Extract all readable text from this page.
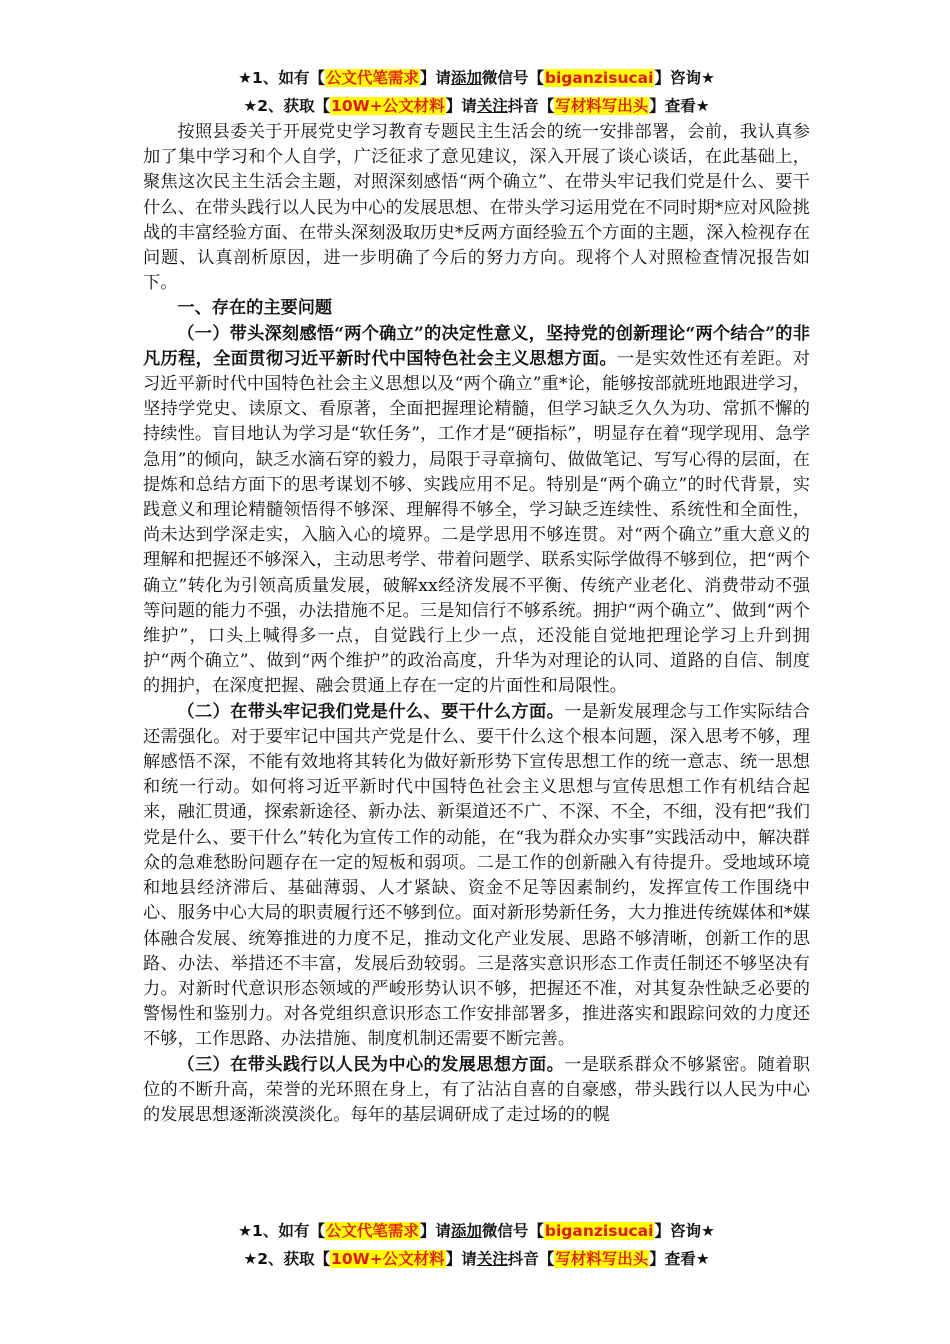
★1、如有【公文代笔需求】请添加微信号【biganzisucai】咨询★
★2、获取【10W+公文材料】请关注抖音【写材料写出头】查看★

按照县委关于开展党史学习教育专题民主生活会的统一安排部署，会前，我认真参加了集中学习和个人自学，广泛征求了意见建议，深入开展了谈心谈话，在此基础上，聚焦这次民主生活会主题，对照深刻感悟“两个确立”、在带头牢记我们党是什么、要干什么、在带头践行以人民为中心的发展思想、在带头学习运用党在不同时期*应对风险挑战的丰富经验方面、在带头深刻汲取历史*反两方面经验五个方面的主题，深入检视存在问题、认真剖析原因，进一步明确了今后的努力方向。现将个人对照检查情况报告如下。

一、存在的主要问题

（一）带头深刻感悟“两个确立”的决定性意义，坚持党的创新理论“两个结合”的非凡历程，全面贯彻习近平新时代中国特色社会主义思想方面。一是实效性还有差距。对习近平新时代中国特色社会主义思想以及“两个确立”重*论，能够按部就班地跟进学习，坚持学党史、读原文、看原著，全面把握理论精髓，但学习缺乏久久为功、常抓不懈的持续性。盲目地认为学习是“软任务”，工作才是“硬指标”，明显存在着“现学现用、急学急用”的倾向，缺乏水滴石穿的毅力，局限于寻章摘句、做做笔记、写写心得的层面，在提炼和总结方面下的思考谋划不够、实践应用不足。特别是“两个确立”的时代背景，实践意义和理论精髓领悟得不够深、理解得不够全，学习缺乏连续性、系统性和全面性，尚未达到学深走实，入脑入心的境界。二是学思用不够连贯。对“两个确立”重大意义的理解和把握还不够深入，主动思考学、带着问题学、联系实际学做得不够到位，把“两个确立”转化为引领高质量发展，破解xx经济发展不平衡、传统产业老化、消费带动不强等问题的能力不强，办法措施不足。三是知信行不够系统。拥护“两个确立”、做到“两个维护”，口头上喊得多一点，自觉践行上少一点，还没能自觉地把理论学习上升到拥护“两个确立”、做到“两个维护”的政治高度，升华为对理论的认同、道路的自信、制度的拥护，在深度把握、融会贯通上存在一定的片面性和局限性。

（二）在带头牢记我们党是什么、要干什么方面。一是新发展理念与工作实际结合还需强化。对于要牢记中国共产党是什么、要干什么这个根本问题，深入思考不够，理解感悟不深，不能有效地将其转化为做好新形势下宣传思想工作的统一意志、统一思想和统一行动。如何将习近平新时代中国特色社会主义思想与宣传思想工作有机结合起来，融汇贯通，探索新途径、新办法、新渠道还不广、不深、不全，不细，没有把“我们党是什么、要干什么”转化为宣传工作的动能，在“我为群众办实事”实践活动中，解决群众的急难愁盼问题存在一定的短板和弱项。二是工作的创新融入有待提升。受地域环境和地县经济滞后、基础薄弱、人才紧缺、资金不足等因素制约，发挥宣传工作围绕中心、服务中心大局的职责履行还不够到位。面对新形势新任务，大力推进传统媒体和*媒体融合发展、统筹推进的力度不足，推动文化产业发展、思路不够清晰，创新工作的思路、办法、举措还不丰富，发展后劲较弱。三是落实意识形态工作责任制还不够坚决有力。对新时代意识形态领域的严峻形势认识不够，把握还不准，对其复杂性缺乏必要的警惕性和鉴别力。对各党组织意识形态工作安排部署多，推进落实和跟踪问效的力度还不够，工作思路、办法措施、制度机制还需要不断完善。

（三）在带头践行以人民为中心的发展思想方面。一是联系群众不够紧密。随着职位的不断升高，荣誉的光环照在身上，有了沾沾自喜的自豪感，带头践行以人民为中心的发展思想逐渐淡漠淡化。每年的基层调研成了走过场的的幌

★1、如有【公文代笔需求】请添加微信号【biganzisucai】咨询★
★2、获取【10W+公文材料】请关注抖音【写材料写出头】查看★
